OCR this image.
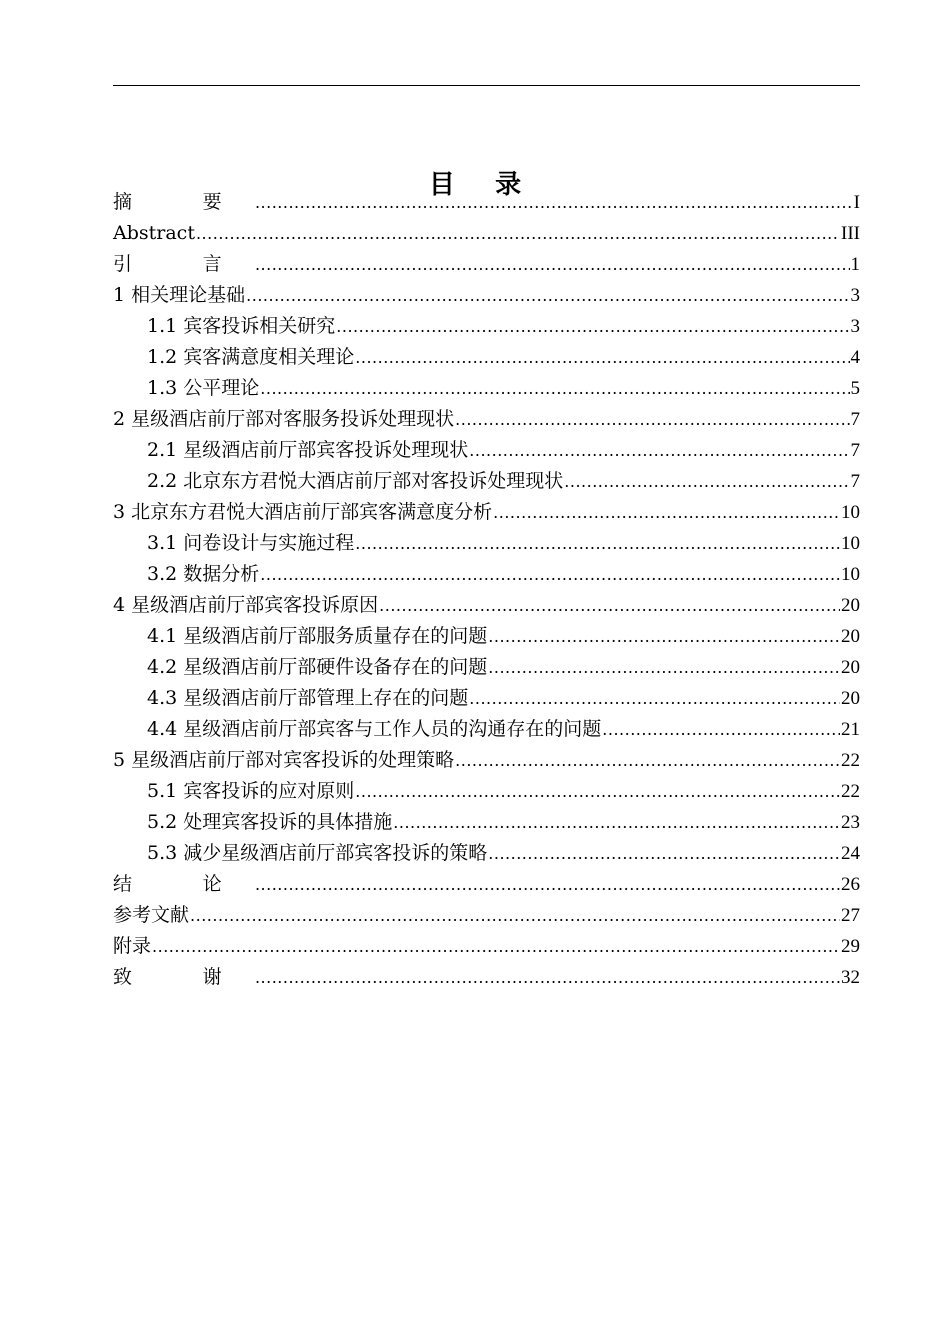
目 录
摘 要 .....	I
Abstract .....	III
引 言 .....	1
1 相关理论基础 .....	3
1.1 宾客投诉相关研究 .....	3
1.2 宾客满意度相关理论 .....	4
1.3 公平理论 .....	5
2 星级酒店前厅部对客服务投诉处理现状 .....	7
2.1 星级酒店前厅部宾客投诉处理现状 .....	7
2.2 北京东方君悦大酒店前厅部对客投诉处理现状 .....	7
3 北京东方君悦大酒店前厅部宾客满意度分析 .....	10
3.1 问卷设计与实施过程 .....	10
3.2 数据分析 .....	10
4 星级酒店前厅部宾客投诉原因 .....	20
4.1 星级酒店前厅部服务质量存在的问题 .....	20
4.2 星级酒店前厅部硬件设备存在的问题 .....	20
4.3 星级酒店前厅部管理上存在的问题 .....	20
4.4 星级酒店前厅部宾客与工作人员的沟通存在的问题 .....	21
5 星级酒店前厅部对宾客投诉的处理策略 .....	22
5.1 宾客投诉的应对原则 .....	22
5.2 处理宾客投诉的具体措施 .....	23
5.3 减少星级酒店前厅部宾客投诉的策略 .....	24
结 论 .....	26
参考文献 .....	27
附录 .....	29
致 谢 .....	32
